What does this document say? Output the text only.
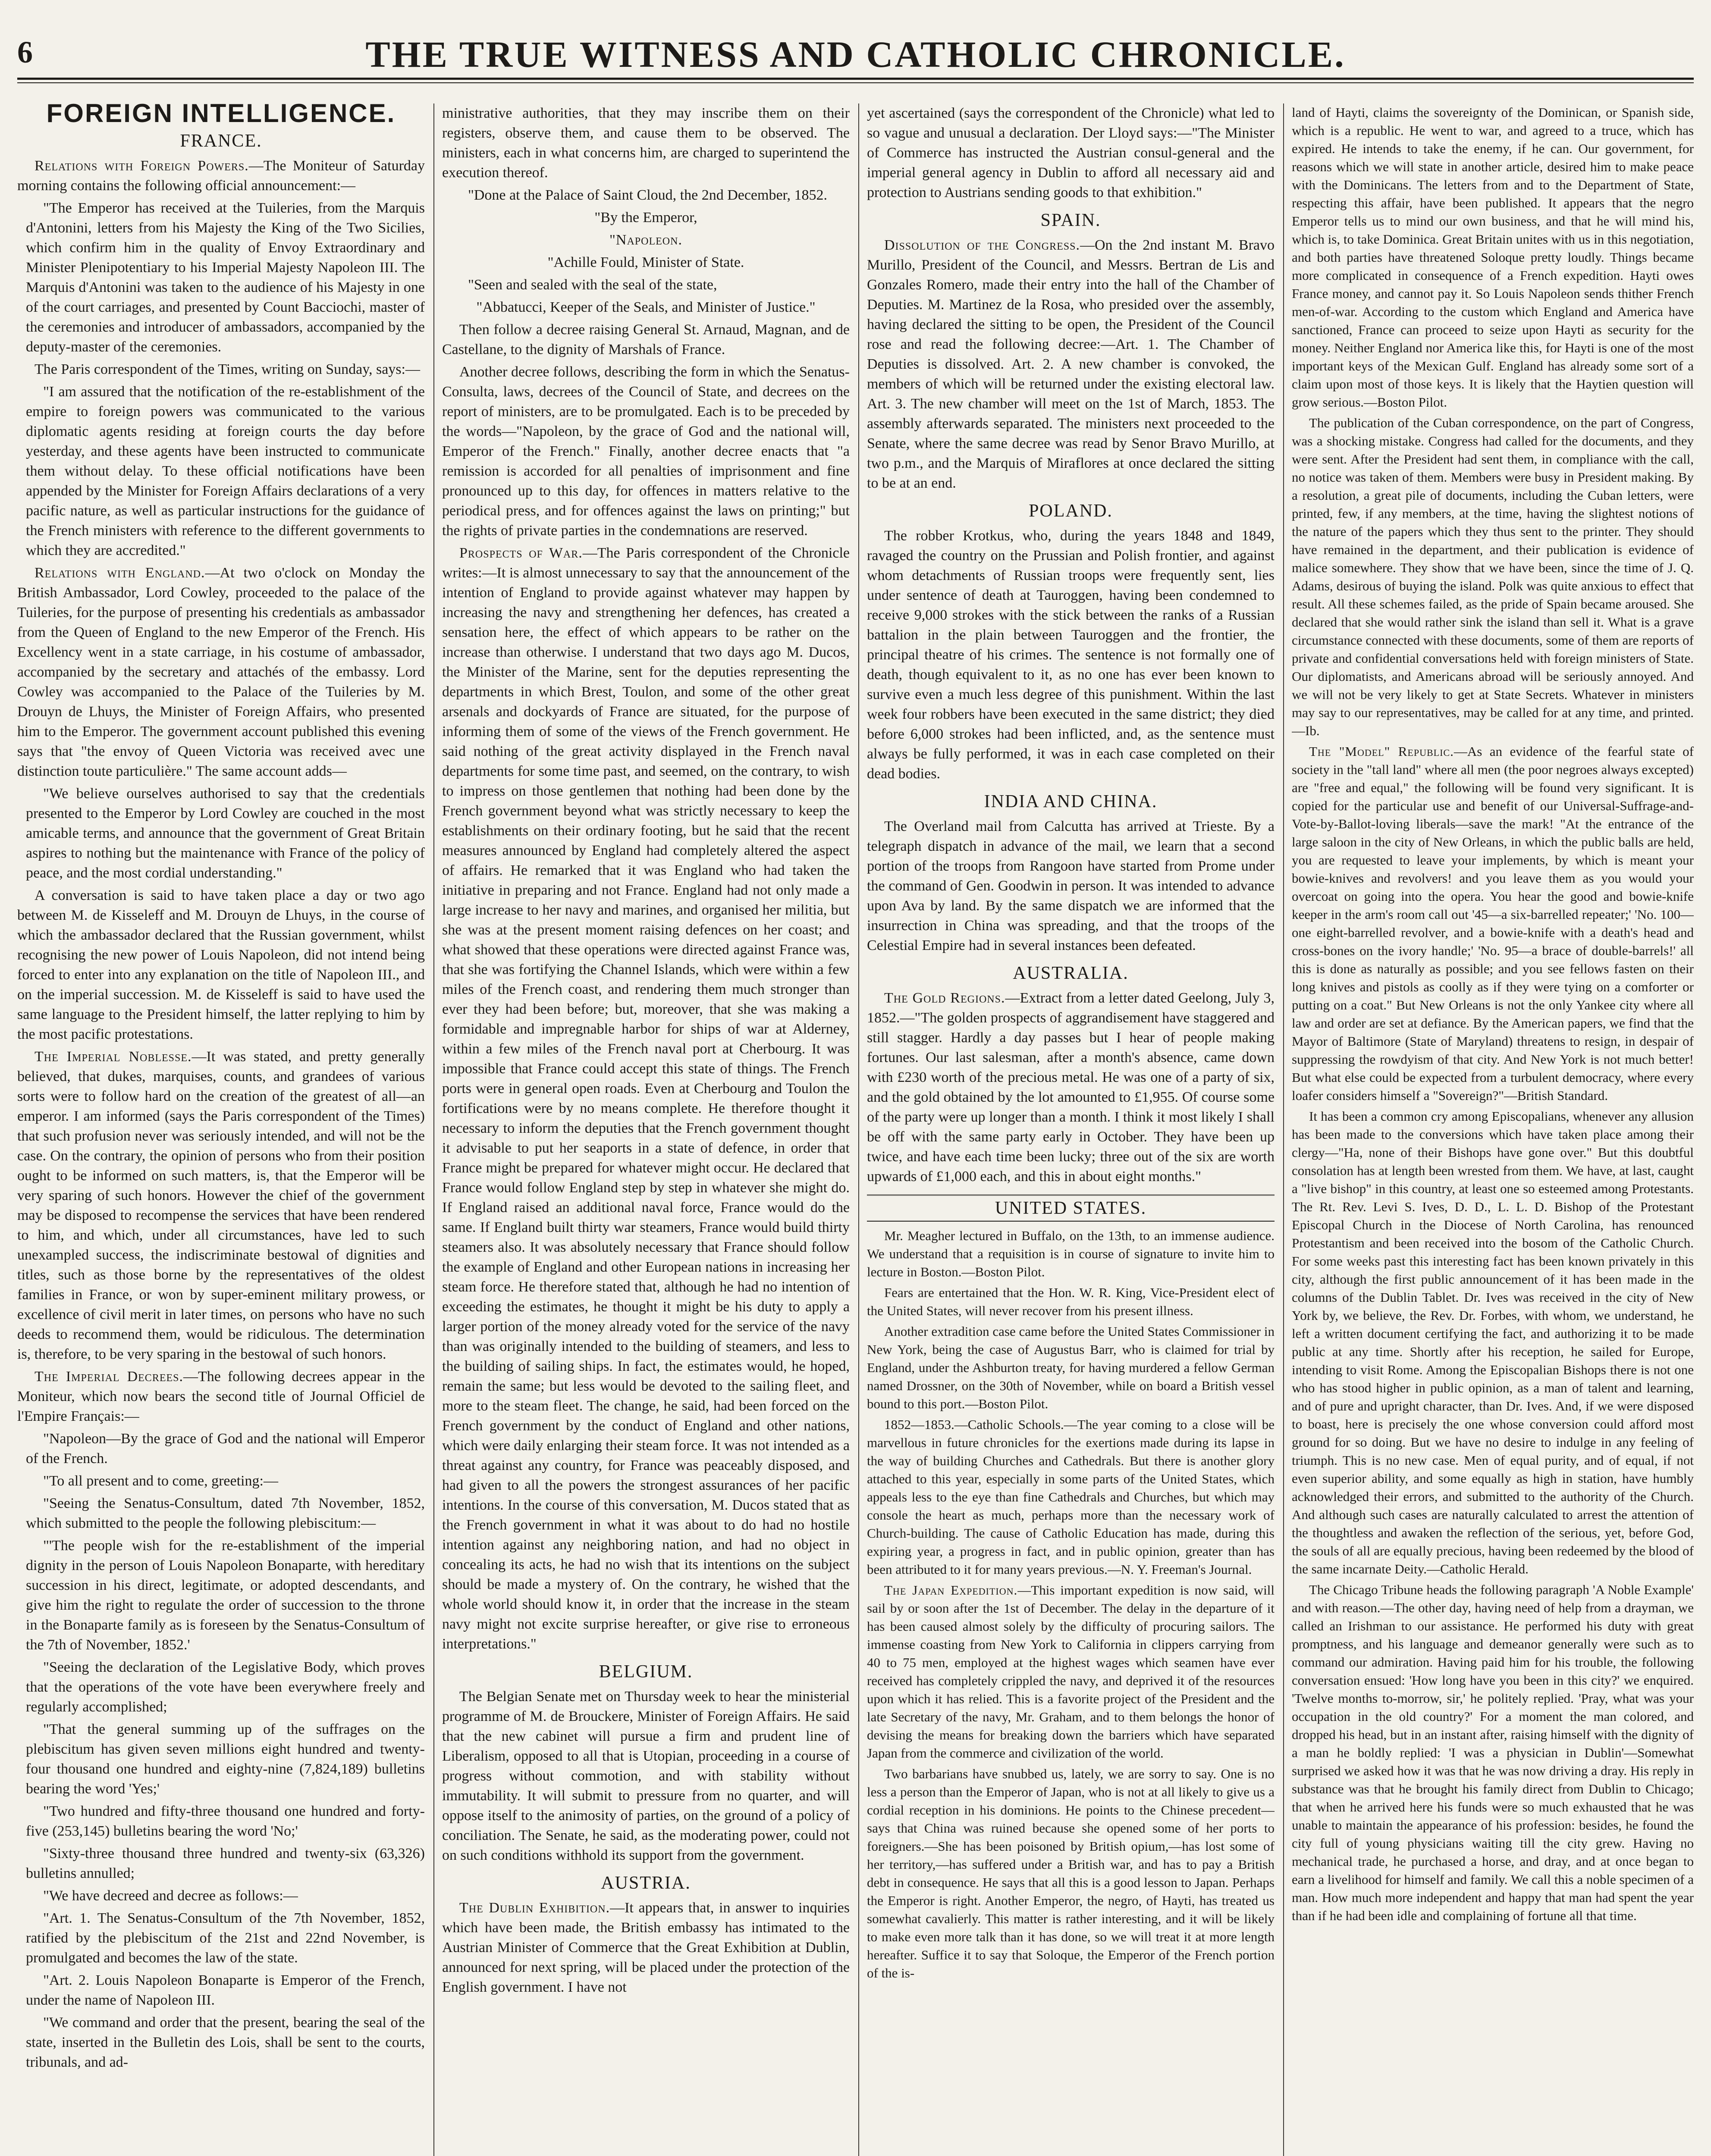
6	THE TRUE WITNESS AND CATHOLIC CHRONICLE.
FOREIGN INTELLIGENCE.
FRANCE.

Relations with Foreign Powers.—The Moniteur of Saturday morning contains the following official announcement:—

"The Emperor has received at the Tuileries, from the Marquis d'Antonini, letters from his Majesty the King of the Two Sicilies, which confirm him in the quality of Envoy Extraordinary and Minister Plenipotentiary to his Imperial Majesty Napoleon III. The Marquis d'Antonini was taken to the audience of his Majesty in one of the court carriages, and presented by Count Bacciochi, master of the ceremonies and introducer of ambassadors, accompanied by the deputy-master of the ceremonies.

The Paris correspondent of the Times, writing on Sunday, says:—

"I am assured that the notification of the re-establishment of the empire to foreign powers was communicated to the various diplomatic agents residing at foreign courts the day before yesterday, and these agents have been instructed to communicate them without delay. To these official notifications have been appended by the Minister for Foreign Affairs declarations of a very pacific nature, as well as particular instructions for the guidance of the French ministers with reference to the different governments to which they are accredited."

Relations with England.—At two o'clock on Monday the British Ambassador, Lord Cowley, proceeded to the palace of the Tuileries, for the purpose of presenting his credentials as ambassador from the Queen of England to the new Emperor of the French. His Excellency went in a state carriage, in his costume of ambassador, accompanied by the secretary and attachés of the embassy. Lord Cowley was accompanied to the Palace of the Tuileries by M. Drouyn de Lhuys, the Minister of Foreign Affairs, who presented him to the Emperor. The government account published this evening says that "the envoy of Queen Victoria was received avec une distinction toute particulière." The same account adds—

"We believe ourselves authorised to say that the credentials presented to the Emperor by Lord Cowley are couched in the most amicable terms, and announce that the government of Great Britain aspires to nothing but the maintenance with France of the policy of peace, and the most cordial understanding."

A conversation is said to have taken place a day or two ago between M. de Kisseleff and M. Drouyn de Lhuys, in the course of which the ambassador declared that the Russian government, whilst recognising the new power of Louis Napoleon, did not intend being forced to enter into any explanation on the title of Napoleon III., and on the imperial succession. M. de Kisseleff is said to have used the same language to the President himself, the latter replying to him by the most pacific protestations.

The Imperial Noblesse.—It was stated, and pretty generally believed, that dukes, marquises, counts, and grandees of various sorts were to follow hard on the creation of the greatest of all—an emperor. I am informed (says the Paris correspondent of the Times) that such profusion never was seriously intended, and will not be the case. On the contrary, the opinion of persons who from their position ought to be informed on such matters, is, that the Emperor will be very sparing of such honors. However the chief of the government may be disposed to recompense the services that have been rendered to him, and which, under all circumstances, have led to such unexampled success, the indiscriminate bestowal of dignities and titles, such as those borne by the representatives of the oldest families in France, or won by super-eminent military prowess, or excellence of civil merit in later times, on persons who have no such deeds to recommend them, would be ridiculous. The determination is, therefore, to be very sparing in the bestowal of such honors.

The Imperial Decrees.—The following decrees appear in the Moniteur, which now bears the second title of Journal Officiel de l'Empire Français:—

"Napoleon—By the grace of God and the national will Emperor of the French.

"To all present and to come, greeting:—

"Seeing the Senatus-Consultum, dated 7th November, 1852, which submitted to the people the following plebiscitum:—

"'The people wish for the re-establishment of the imperial dignity in the person of Louis Napoleon Bonaparte, with hereditary succession in his direct, legitimate, or adopted descendants, and give him the right to regulate the order of succession to the throne in the Bonaparte family as is foreseen by the Senatus-Consultum of the 7th of November, 1852.'

"Seeing the declaration of the Legislative Body, which proves that the operations of the vote have been everywhere freely and regularly accomplished;

"That the general summing up of the suffrages on the plebiscitum has given seven millions eight hundred and twenty-four thousand one hundred and eighty-nine (7,824,189) bulletins bearing the word 'Yes;'

"Two hundred and fifty-three thousand one hundred and forty-five (253,145) bulletins bearing the word 'No;'

"Sixty-three thousand three hundred and twenty-six (63,326) bulletins annulled;

"We have decreed and decree as follows:—

"Art. 1. The Senatus-Consultum of the 7th November, 1852, ratified by the plebiscitum of the 21st and 22nd November, is promulgated and becomes the law of the state.

"Art. 2. Louis Napoleon Bonaparte is Emperor of the French, under the name of Napoleon III.

"We command and order that the present, bearing the seal of the state, inserted in the Bulletin des Lois, shall be sent to the courts, tribunals, and ad-

ministrative authorities, that they may inscribe them on their registers, observe them, and cause them to be observed. The ministers, each in what concerns him, are charged to superintend the execution thereof.

"Done at the Palace of Saint Cloud, the 2nd December, 1852.

"By the Emperor,

"Napoleon.

"Achille Fould, Minister of State.

"Seen and sealed with the seal of the state,

"Abbatucci, Keeper of the Seals, and Minister of Justice."

Then follow a decree raising General St. Arnaud, Magnan, and de Castellane, to the dignity of Marshals of France.

Another decree follows, describing the form in which the Senatus-Consulta, laws, decrees of the Council of State, and decrees on the report of ministers, are to be promulgated. Each is to be preceded by the words—"Napoleon, by the grace of God and the national will, Emperor of the French." Finally, another decree enacts that "a remission is accorded for all penalties of imprisonment and fine pronounced up to this day, for offences in matters relative to the periodical press, and for offences against the laws on printing;" but the rights of private parties in the condemnations are reserved.

Prospects of War.—The Paris correspondent of the Chronicle writes:—It is almost unnecessary to say that the announcement of the intention of England to provide against whatever may happen by increasing the navy and strengthening her defences, has created a sensation here, the effect of which appears to be rather on the increase than otherwise. I understand that two days ago M. Ducos, the Minister of the Marine, sent for the deputies representing the departments in which Brest, Toulon, and some of the other great arsenals and dockyards of France are situated, for the purpose of informing them of some of the views of the French government. He said nothing of the great activity displayed in the French naval departments for some time past, and seemed, on the contrary, to wish to impress on those gentlemen that nothing had been done by the French government beyond what was strictly necessary to keep the establishments on their ordinary footing, but he said that the recent measures announced by England had completely altered the aspect of affairs. He remarked that it was England who had taken the initiative in preparing and not France. England had not only made a large increase to her navy and marines, and organised her militia, but she was at the present moment raising defences on her coast; and what showed that these operations were directed against France was, that she was fortifying the Channel Islands, which were within a few miles of the French coast, and rendering them much stronger than ever they had been before; but, moreover, that she was making a formidable and impregnable harbor for ships of war at Alderney, within a few miles of the French naval port at Cherbourg. It was impossible that France could accept this state of things. The French ports were in general open roads. Even at Cherbourg and Toulon the fortifications were by no means complete. He therefore thought it necessary to inform the deputies that the French government thought it advisable to put her seaports in a state of defence, in order that France might be prepared for whatever might occur. He declared that France would follow England step by step in whatever she might do. If England raised an additional naval force, France would do the same. If England built thirty war steamers, France would build thirty steamers also. It was absolutely necessary that France should follow the example of England and other European nations in increasing her steam force. He therefore stated that, although he had no intention of exceeding the estimates, he thought it might be his duty to apply a larger portion of the money already voted for the service of the navy than was originally intended to the building of steamers, and less to the building of sailing ships. In fact, the estimates would, he hoped, remain the same; but less would be devoted to the sailing fleet, and more to the steam fleet. The change, he said, had been forced on the French government by the conduct of England and other nations, which were daily enlarging their steam force. It was not intended as a threat against any country, for France was peaceably disposed, and had given to all the powers the strongest assurances of her pacific intentions. In the course of this conversation, M. Ducos stated that as the French government in what it was about to do had no hostile intention against any neighboring nation, and had no object in concealing its acts, he had no wish that its intentions on the subject should be made a mystery of. On the contrary, he wished that the whole world should know it, in order that the increase in the steam navy might not excite surprise hereafter, or give rise to erroneous interpretations."

BELGIUM.

The Belgian Senate met on Thursday week to hear the ministerial programme of M. de Brouckere, Minister of Foreign Affairs. He said that the new cabinet will pursue a firm and prudent line of Liberalism, opposed to all that is Utopian, proceeding in a course of progress without commotion, and with stability without immutability. It will submit to pressure from no quarter, and will oppose itself to the animosity of parties, on the ground of a policy of conciliation. The Senate, he said, as the moderating power, could not on such conditions withhold its support from the government.

AUSTRIA.

The Dublin Exhibition.—It appears that, in answer to inquiries which have been made, the British embassy has intimated to the Austrian Minister of Commerce that the Great Exhibition at Dublin, announced for next spring, will be placed under the protection of the English government. I have not

yet ascertained (says the correspondent of the Chronicle) what led to so vague and unusual a declaration. Der Lloyd says:—"The Minister of Commerce has instructed the Austrian consul-general and the imperial general agency in Dublin to afford all necessary aid and protection to Austrians sending goods to that exhibition."

SPAIN.

Dissolution of the Congress.—On the 2nd instant M. Bravo Murillo, President of the Council, and Messrs. Bertran de Lis and Gonzales Romero, made their entry into the hall of the Chamber of Deputies. M. Martinez de la Rosa, who presided over the assembly, having declared the sitting to be open, the President of the Council rose and read the following decree:—Art. 1. The Chamber of Deputies is dissolved. Art. 2. A new chamber is convoked, the members of which will be returned under the existing electoral law. Art. 3. The new chamber will meet on the 1st of March, 1853. The assembly afterwards separated. The ministers next proceeded to the Senate, where the same decree was read by Senor Bravo Murillo, at two p.m., and the Marquis of Miraflores at once declared the sitting to be at an end.

POLAND.

The robber Krotkus, who, during the years 1848 and 1849, ravaged the country on the Prussian and Polish frontier, and against whom detachments of Russian troops were frequently sent, lies under sentence of death at Tauroggen, having been condemned to receive 9,000 strokes with the stick between the ranks of a Russian battalion in the plain between Tauroggen and the frontier, the principal theatre of his crimes. The sentence is not formally one of death, though equivalent to it, as no one has ever been known to survive even a much less degree of this punishment. Within the last week four robbers have been executed in the same district; they died before 6,000 strokes had been inflicted, and, as the sentence must always be fully performed, it was in each case completed on their dead bodies.

INDIA AND CHINA.

The Overland mail from Calcutta has arrived at Trieste. By a telegraph dispatch in advance of the mail, we learn that a second portion of the troops from Rangoon have started from Prome under the command of Gen. Goodwin in person. It was intended to advance upon Ava by land. By the same dispatch we are informed that the insurrection in China was spreading, and that the troops of the Celestial Empire had in several instances been defeated.

AUSTRALIA.

The Gold Regions.—Extract from a letter dated Geelong, July 3, 1852.—"The golden prospects of aggrandisement have staggered and still stagger. Hardly a day passes but I hear of people making fortunes. Our last salesman, after a month's absence, came down with £230 worth of the precious metal. He was one of a party of six, and the gold obtained by the lot amounted to £1,955. Of course some of the party were up longer than a month. I think it most likely I shall be off with the same party early in October. They have been up twice, and have each time been lucky; three out of the six are worth upwards of £1,000 each, and this in about eight months."

UNITED STATES.

Mr. Meagher lectured in Buffalo, on the 13th, to an immense audience. We understand that a requisition is in course of signature to invite him to lecture in Boston.—Boston Pilot.

Fears are entertained that the Hon. W. R. King, Vice-President elect of the United States, will never recover from his present illness.

Another extradition case came before the United States Commissioner in New York, being the case of Augustus Barr, who is claimed for trial by England, under the Ashburton treaty, for having murdered a fellow German named Drossner, on the 30th of November, while on board a British vessel bound to this port.—Boston Pilot.

1852—1853.—Catholic Schools.—The year coming to a close will be marvellous in future chronicles for the exertions made during its lapse in the way of building Churches and Cathedrals. But there is another glory attached to this year, especially in some parts of the United States, which appeals less to the eye than fine Cathedrals and Churches, but which may console the heart as much, perhaps more than the necessary work of Church-building. The cause of Catholic Education has made, during this expiring year, a progress in fact, and in public opinion, greater than has been attributed to it for many years previous.—N. Y. Freeman's Journal.

The Japan Expedition.—This important expedition is now said, will sail by or soon after the 1st of December. The delay in the departure of it has been caused almost solely by the difficulty of procuring sailors. The immense coasting from New York to California in clippers carrying from 40 to 75 men, employed at the highest wages which seamen have ever received has completely crippled the navy, and deprived it of the resources upon which it has relied. This is a favorite project of the President and the late Secretary of the navy, Mr. Graham, and to them belongs the honor of devising the means for breaking down the barriers which have separated Japan from the commerce and civilization of the world.

Two barbarians have snubbed us, lately, we are sorry to say. One is no less a person than the Emperor of Japan, who is not at all likely to give us a cordial reception in his dominions. He points to the Chinese precedent—says that China was ruined because she opened some of her ports to foreigners.—She has been poisoned by British opium,—has lost some of her territory,—has suffered under a British war, and has to pay a British debt in consequence. He says that all this is a good lesson to Japan. Perhaps the Emperor is right. Another Emperor, the negro, of Hayti, has treated us somewhat cavalierly. This matter is rather interesting, and it will be likely to make even more talk than it has done, so we will treat it at more length hereafter. Suffice it to say that Soloque, the Emperor of the French portion of the is-

land of Hayti, claims the sovereignty of the Dominican, or Spanish side, which is a republic. He went to war, and agreed to a truce, which has expired. He intends to take the enemy, if he can. Our government, for reasons which we will state in another article, desired him to make peace with the Dominicans. The letters from and to the Department of State, respecting this affair, have been published. It appears that the negro Emperor tells us to mind our own business, and that he will mind his, which is, to take Dominica. Great Britain unites with us in this negotiation, and both parties have threatened Soloque pretty loudly. Things became more complicated in consequence of a French expedition. Hayti owes France money, and cannot pay it. So Louis Napoleon sends thither French men-of-war. According to the custom which England and America have sanctioned, France can proceed to seize upon Hayti as security for the money. Neither England nor America like this, for Hayti is one of the most important keys of the Mexican Gulf. England has already some sort of a claim upon most of those keys. It is likely that the Haytien question will grow serious.—Boston Pilot.

The publication of the Cuban correspondence, on the part of Congress, was a shocking mistake. Congress had called for the documents, and they were sent. After the President had sent them, in compliance with the call, no notice was taken of them. Members were busy in President making. By a resolution, a great pile of documents, including the Cuban letters, were printed, few, if any members, at the time, having the slightest notions of the nature of the papers which they thus sent to the printer. They should have remained in the department, and their publication is evidence of malice somewhere. They show that we have been, since the time of J. Q. Adams, desirous of buying the island. Polk was quite anxious to effect that result. All these schemes failed, as the pride of Spain became aroused. She declared that she would rather sink the island than sell it. What is a grave circumstance connected with these documents, some of them are reports of private and confidential conversations held with foreign ministers of State. Our diplomatists, and Americans abroad will be seriously annoyed. And we will not be very likely to get at State Secrets. Whatever in ministers may say to our representatives, may be called for at any time, and printed.—Ib.

The "Model" Republic.—As an evidence of the fearful state of society in the "tall land" where all men (the poor negroes always excepted) are "free and equal," the following will be found very significant. It is copied for the particular use and benefit of our Universal-Suffrage-and-Vote-by-Ballot-loving liberals—save the mark! "At the entrance of the large saloon in the city of New Orleans, in which the public balls are held, you are requested to leave your implements, by which is meant your bowie-knives and revolvers! and you leave them as you would your overcoat on going into the opera. You hear the good and bowie-knife keeper in the arm's room call out '45—a six-barrelled repeater;' 'No. 100—one eight-barrelled revolver, and a bowie-knife with a death's head and cross-bones on the ivory handle;' 'No. 95—a brace of double-barrels!' all this is done as naturally as possible; and you see fellows fasten on their long knives and pistols as coolly as if they were tying on a comforter or putting on a coat." But New Orleans is not the only Yankee city where all law and order are set at defiance. By the American papers, we find that the Mayor of Baltimore (State of Maryland) threatens to resign, in despair of suppressing the rowdyism of that city. And New York is not much better! But what else could be expected from a turbulent democracy, where every loafer considers himself a "Sovereign?"—British Standard.

It has been a common cry among Episcopalians, whenever any allusion has been made to the conversions which have taken place among their clergy—"Ha, none of their Bishops have gone over." But this doubtful consolation has at length been wrested from them. We have, at last, caught a "live bishop" in this country, at least one so esteemed among Protestants. The Rt. Rev. Levi S. Ives, D. D., L. L. D. Bishop of the Protestant Episcopal Church in the Diocese of North Carolina, has renounced Protestantism and been received into the bosom of the Catholic Church. For some weeks past this interesting fact has been known privately in this city, although the first public announcement of it has been made in the columns of the Dublin Tablet. Dr. Ives was received in the city of New York by, we believe, the Rev. Dr. Forbes, with whom, we understand, he left a written document certifying the fact, and authorizing it to be made public at any time. Shortly after his reception, he sailed for Europe, intending to visit Rome. Among the Episcopalian Bishops there is not one who has stood higher in public opinion, as a man of talent and learning, and of pure and upright character, than Dr. Ives. And, if we were disposed to boast, here is precisely the one whose conversion could afford most ground for so doing. But we have no desire to indulge in any feeling of triumph. This is no new case. Men of equal purity, and of equal, if not even superior ability, and some equally as high in station, have humbly acknowledged their errors, and submitted to the authority of the Church. And although such cases are naturally calculated to arrest the attention of the thoughtless and awaken the reflection of the serious, yet, before God, the souls of all are equally precious, having been redeemed by the blood of the same incarnate Deity.—Catholic Herald.

The Chicago Tribune heads the following paragraph 'A Noble Example' and with reason.—The other day, having need of help from a drayman, we called an Irishman to our assistance. He performed his duty with great promptness, and his language and demeanor generally were such as to command our admiration. Having paid him for his trouble, the following conversation ensued: 'How long have you been in this city?' we enquired. 'Twelve months to-morrow, sir,' he politely replied. 'Pray, what was your occupation in the old country?' For a moment the man colored, and dropped his head, but in an instant after, raising himself with the dignity of a man he boldly replied: 'I was a physician in Dublin'—Somewhat surprised we asked how it was that he was now driving a dray. His reply in substance was that he brought his family direct from Dublin to Chicago; that when he arrived here his funds were so much exhausted that he was unable to maintain the appearance of his profession: besides, he found the city full of young physicians waiting till the city grew. Having no mechanical trade, he purchased a horse, and dray, and at once began to earn a livelihood for himself and family. We call this a noble specimen of a man. How much more independent and happy that man had spent the year than if he had been idle and complaining of fortune all that time.
